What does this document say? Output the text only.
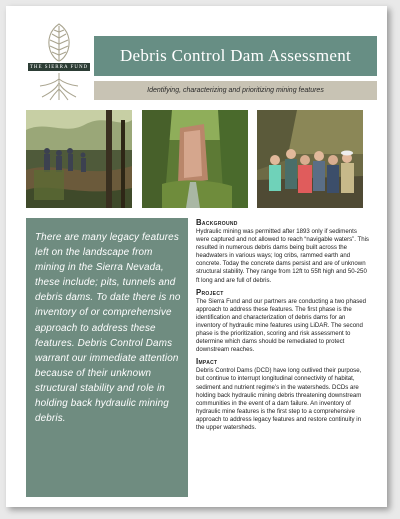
THE SIERRA FUND
Debris Control Dam Assessment
Identifying, characterizing and prioritizing mining features
There are many legacy features left on the landscape from mining in the Sierra Nevada, these include; pits, tunnels and debris dams. To date there is no inventory of or comprehensive approach to address these features. Debris Control Dams warrant our immediate attention because of their unknown structural stability and role in holding back hydraulic mining debris.

Background

Hydraulic mining was permitted after 1893 only if sediments were captured and not allowed to reach “navigable waters”. This resulted in numerous debris dams being built across the headwaters in various ways; log cribs, rammed earth and concrete. Today the concrete dams persist and are of unknown structural stability. They range from 12ft to 55ft high and 50-250 ft long and are full of debris.

Project

The Sierra Fund and our partners are conducting a two phased approach to address these features. The first phase is the identification and characterization of debris dams for an inventory of hydraulic mine features using LiDAR. The second phase is the prioritization, scoring and risk assessment to determine which dams should be remediated to protect downstream reaches.

Impact

Debris Control Dams (DCD) have long outlived their purpose, but continue to interrupt longitudinal connectivity of habitat, sediment and nutrient regime’s in the watersheds. DCDs are holding back hydraulic mining debris threatening downstream communities in the event of a dam failure. An inventory of hydraulic mine features is the first step to a comprehensive approach to address legacy features and restore continuity in the upper watersheds.
